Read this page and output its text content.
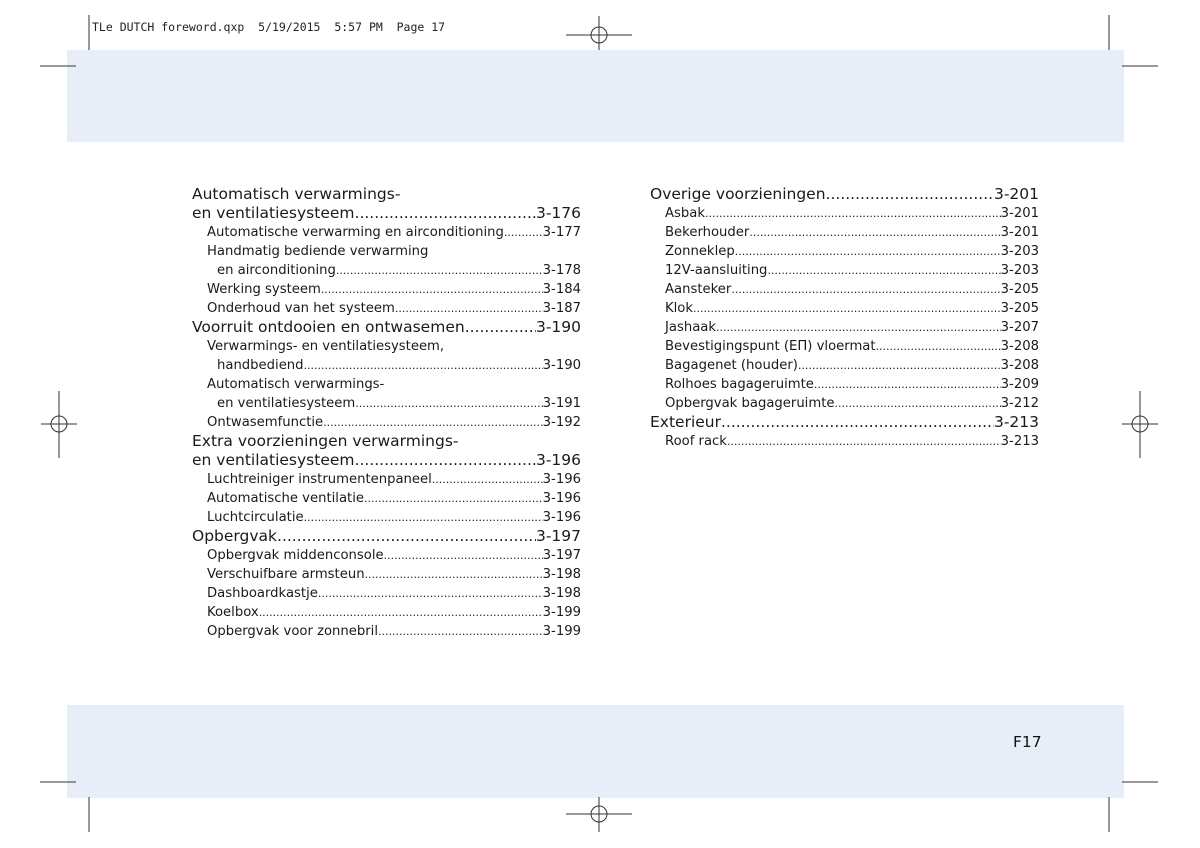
TLe DUTCH foreword.qxp  5/19/2015  5:57 PM  Page 17
Automatisch verwarmings-
en ventilatiesysteem .....	3-176
Automatische verwarming en airconditioning .....	3-177
Handmatig bediende verwarming
en airconditioning .....	3-178
Werking systeem .....	3-184
Onderhoud van het systeem .....	3-187
Voorruit ontdooien en ontwasemen .....	3-190
Verwarmings- en ventilatiesysteem,
handbediend .....	3-190
Automatisch verwarmings-
en ventilatiesysteem .....	3-191
Ontwasemfunctie .....	3-192
Extra voorzieningen verwarmings-
en ventilatiesysteem .....	3-196
Luchtreiniger instrumentenpaneel .....	3-196
Automatische ventilatie .....	3-196
Luchtcirculatie .....	3-196
Opbergvak .....	3-197
Opbergvak middenconsole .....	3-197
Verschuifbare armsteun .....	3-198
Dashboardkastje .....	3-198
Koelbox .....	3-199
Opbergvak voor zonnebril .....	3-199
Overige voorzieningen .....	3-201
Asbak .....	3-201
Bekerhouder .....	3-201
Zonneklep .....	3-203
12V-aansluiting .....	3-203
Aansteker .....	3-205
Klok .....	3-205
Jashaak .....	3-207
Bevestigingspunt (EΠ) vloermat .....	3-208
Bagagenet (houder) .....	3-208
Rolhoes bagageruimte .....	3-209
Opbergvak bagageruimte .....	3-212
Exterieur .....	3-213
Roof rack .....	3-213
F17
